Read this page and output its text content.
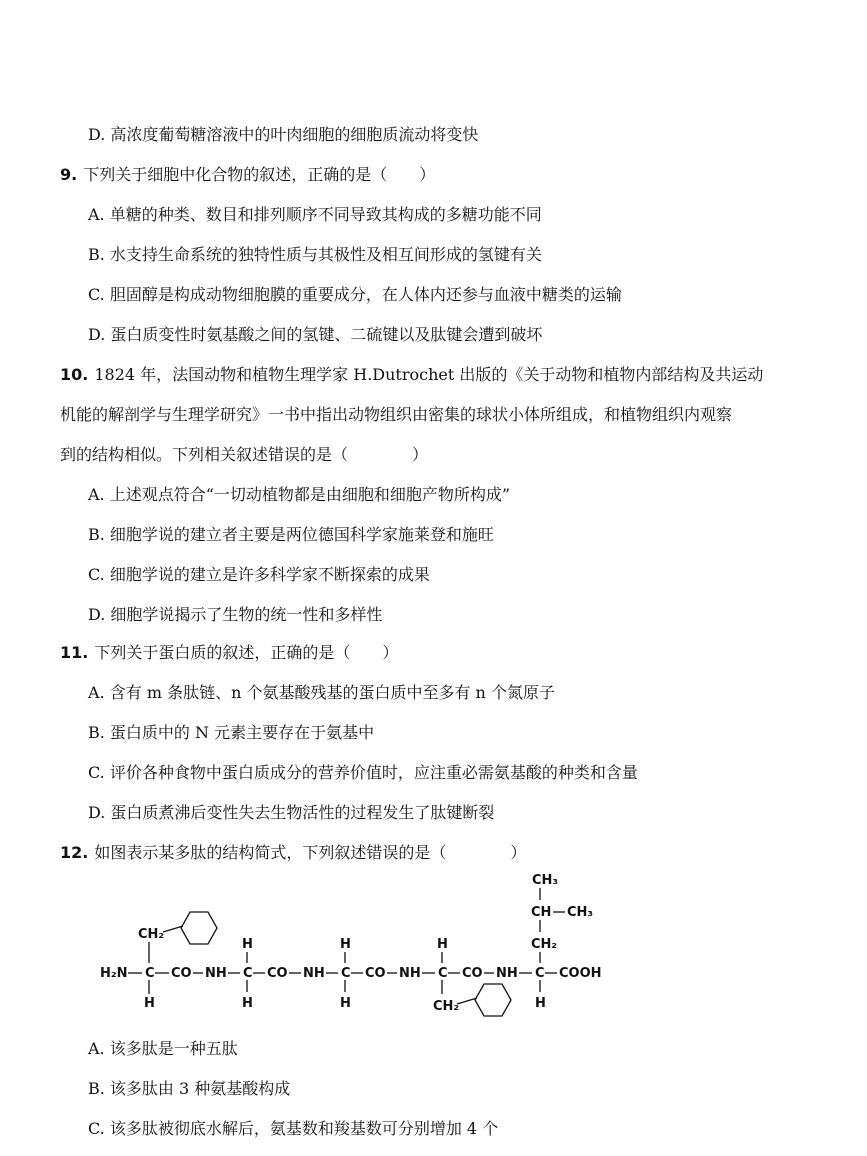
D. 高浓度葡萄糖溶液中的叶肉细胞的细胞质流动将变快
9. 下列关于细胞中化合物的叙述，正确的是（　　）
A. 单糖的种类、数目和排列顺序不同导致其构成的多糖功能不同
B. 水支持生命系统的独特性质与其极性及相互间形成的氢键有关
C. 胆固醇是构成动物细胞膜的重要成分，在人体内还参与血液中糖类的运输
D. 蛋白质变性时氨基酸之间的氢键、二硫键以及肽键会遭到破坏
10. 1824 年，法国动物和植物生理学家 H.Dutrochet 出版的《关于动物和植物内部结构及共运动
机能的解剖学与生理学研究》一书中指出动物组织由密集的球状小体所组成，和植物组织内观察
到的结构相似。下列相关叙述错误的是（　　　　）
A. 上述观点符合“一切动植物都是由细胞和细胞产物所构成”
B. 细胞学说的建立者主要是两位德国科学家施莱登和施旺
C. 细胞学说的建立是许多科学家不断探索的成果
D. 细胞学说揭示了生物的统一性和多样性
11. 下列关于蛋白质的叙述，正确的是（　　）
A. 含有 m 条肽链、n 个氨基酸残基的蛋白质中至多有 n 个氮原子
B. 蛋白质中的 N 元素主要存在于氨基中
C. 评价各种食物中蛋白质成分的营养价值时，应注重必需氨基酸的种类和含量
D. 蛋白质煮沸后变性失去生物活性的过程发生了肽键断裂
12. 如图表示某多肽的结构简式，下列叙述错误的是（　　　　）
H₂N C CO NH C CO NH C CO NH C CO NH C COOH
CH₂
H
H
H
H
H
H
CH₂
CH₃
CH CH₃
CH₂
H
A. 该多肽是一种五肽
B. 该多肽由 3 种氨基酸构成
C. 该多肽被彻底水解后，氨基数和羧基数可分别增加 4 个
